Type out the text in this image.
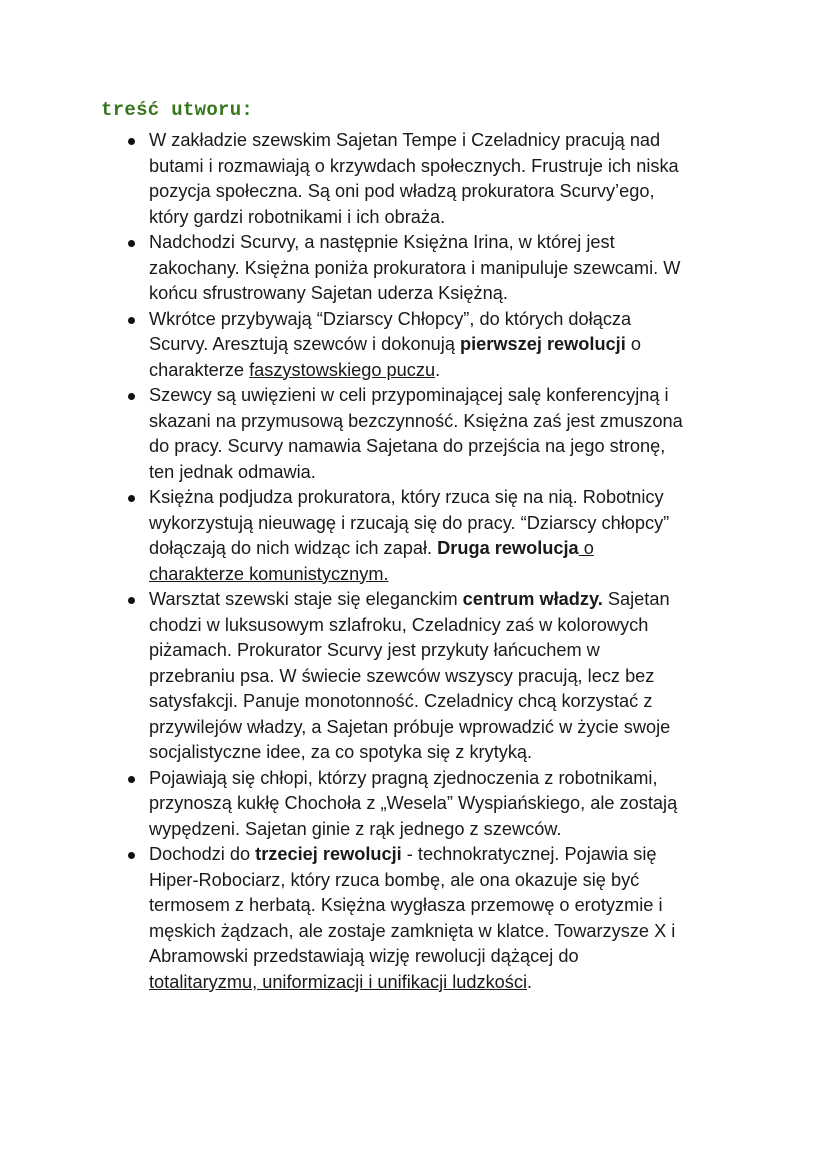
treść utworu:
W zakładzie szewskim Sajetan Tempe i Czeladnicy pracują nad
butami i rozmawiają o krzywdach społecznych. Frustruje ich niska
pozycja społeczna. Są oni pod władzą prokuratora Scurvy’ego,
który gardzi robotnikami i ich obraża.
Nadchodzi Scurvy, a następnie Księżna Irina, w której jest
zakochany. Księżna poniża prokuratora i manipuluje szewcami. W
końcu sfrustrowany Sajetan uderza Księżną.
Wkrótce przybywają “Dziarscy Chłopcy”, do których dołącza
Scurvy. Aresztują szewców i dokonują pierwszej rewolucji o
charakterze faszystowskiego puczu.
Szewcy są uwięzieni w celi przypominającej salę konferencyjną i
skazani na przymusową bezczynność. Księżna zaś jest zmuszona
do pracy. Scurvy namawia Sajetana do przejścia na jego stronę,
ten jednak odmawia.
Księżna podjudza prokuratora, który rzuca się na nią. Robotnicy
wykorzystują nieuwagę i rzucają się do pracy. “Dziarscy chłopcy”
dołączają do nich widząc ich zapał. Druga rewolucja o
charakterze komunistycznym.
Warsztat szewski staje się eleganckim centrum władzy. Sajetan
chodzi w luksusowym szlafroku, Czeladnicy zaś w kolorowych
piżamach. Prokurator Scurvy jest przykuty łańcuchem w
przebraniu psa. W świecie szewców wszyscy pracują, lecz bez
satysfakcji. Panuje monotonność. Czeladnicy chcą korzystać z
przywilejów władzy, a Sajetan próbuje wprowadzić w życie swoje
socjalistyczne idee, za co spotyka się z krytyką.
Pojawiają się chłopi, którzy pragną zjednoczenia z robotnikami,
przynoszą kukłę Chochoła z „Wesela” Wyspiańskiego, ale zostają
wypędzeni. Sajetan ginie z rąk jednego z szewców.
Dochodzi do trzeciej rewolucji - technokratycznej. Pojawia się
Hiper-Robociarz, który rzuca bombę, ale ona okazuje się być
termosem z herbatą. Księżna wygłasza przemowę o erotyzmie i
męskich żądzach, ale zostaje zamknięta w klatce. Towarzysze X i
Abramowski przedstawiają wizję rewolucji dążącej do
totalitaryzmu, uniformizacji i unifikacji ludzkości.
